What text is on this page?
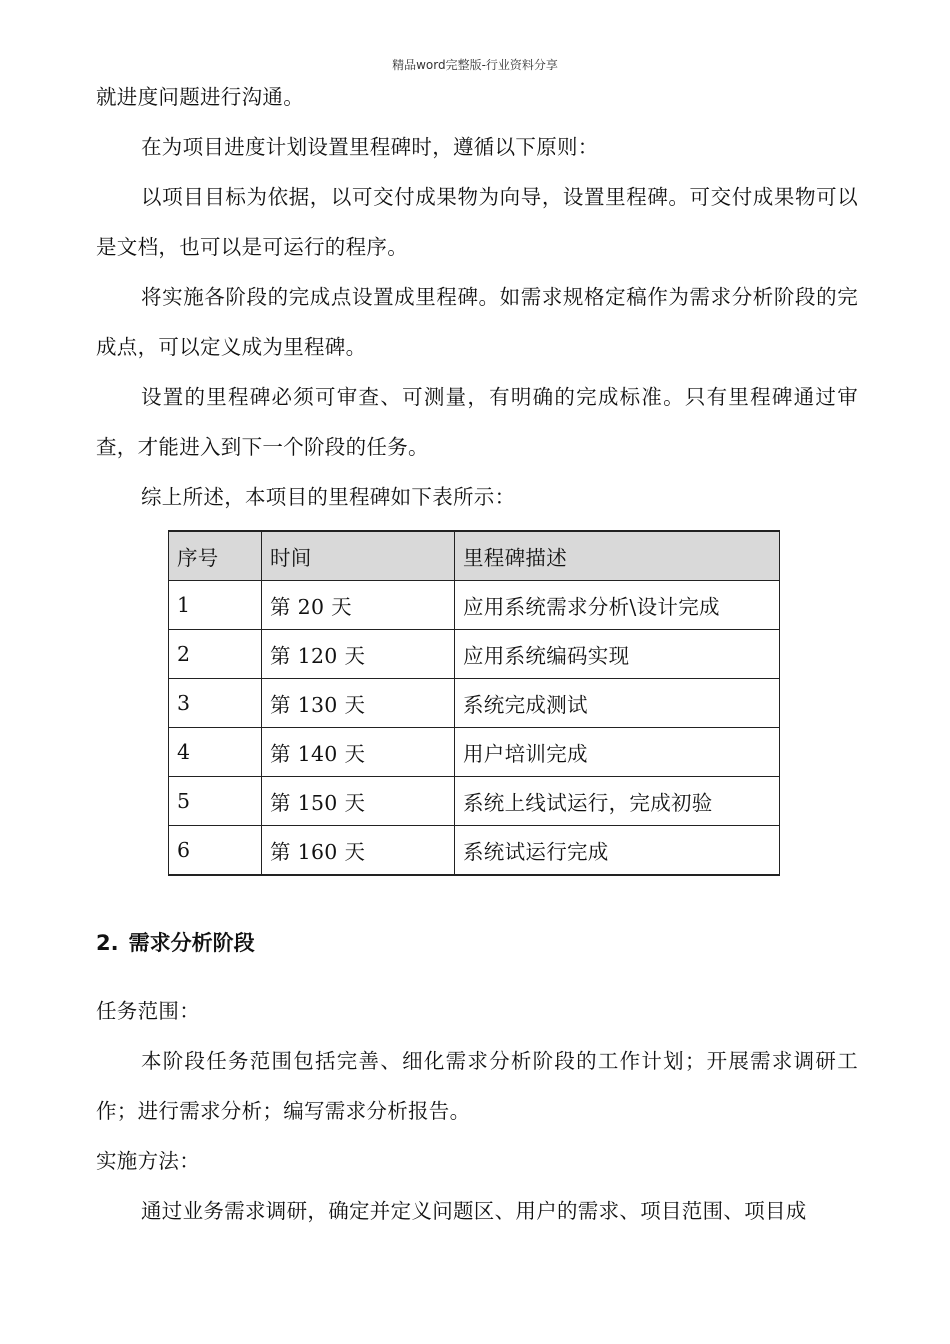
精品word完整版-行业资料分享

就进度问题进行沟通。

在为项目进度计划设置里程碑时，遵循以下原则：

以项目目标为依据，以可交付成果物为向导，设置里程碑。可交付成果物可以是文档，也可以是可运行的程序。

将实施各阶段的完成点设置成里程碑。如需求规格定稿作为需求分析阶段的完成点，可以定义成为里程碑。

设置的里程碑必须可审查、可测量，有明确的完成标准。只有里程碑通过审查，才能进入到下一个阶段的任务。

综上所述，本项目的里程碑如下表所示：

序号	时间	里程碑描述
1	第 20 天	应用系统需求分析\设计完成
2	第 120 天	应用系统编码实现
3	第 130 天	系统完成测试
4	第 140 天	用户培训完成
5	第 150 天	系统上线试运行，完成初验
6	第 160 天	系统试运行完成
2. 需求分析阶段

任务范围：

本阶段任务范围包括完善、细化需求分析阶段的工作计划；开展需求调研工作；进行需求分析；编写需求分析报告。

实施方法：

通过业务需求调研，确定并定义问题区、用户的需求、项目范围、项目成
